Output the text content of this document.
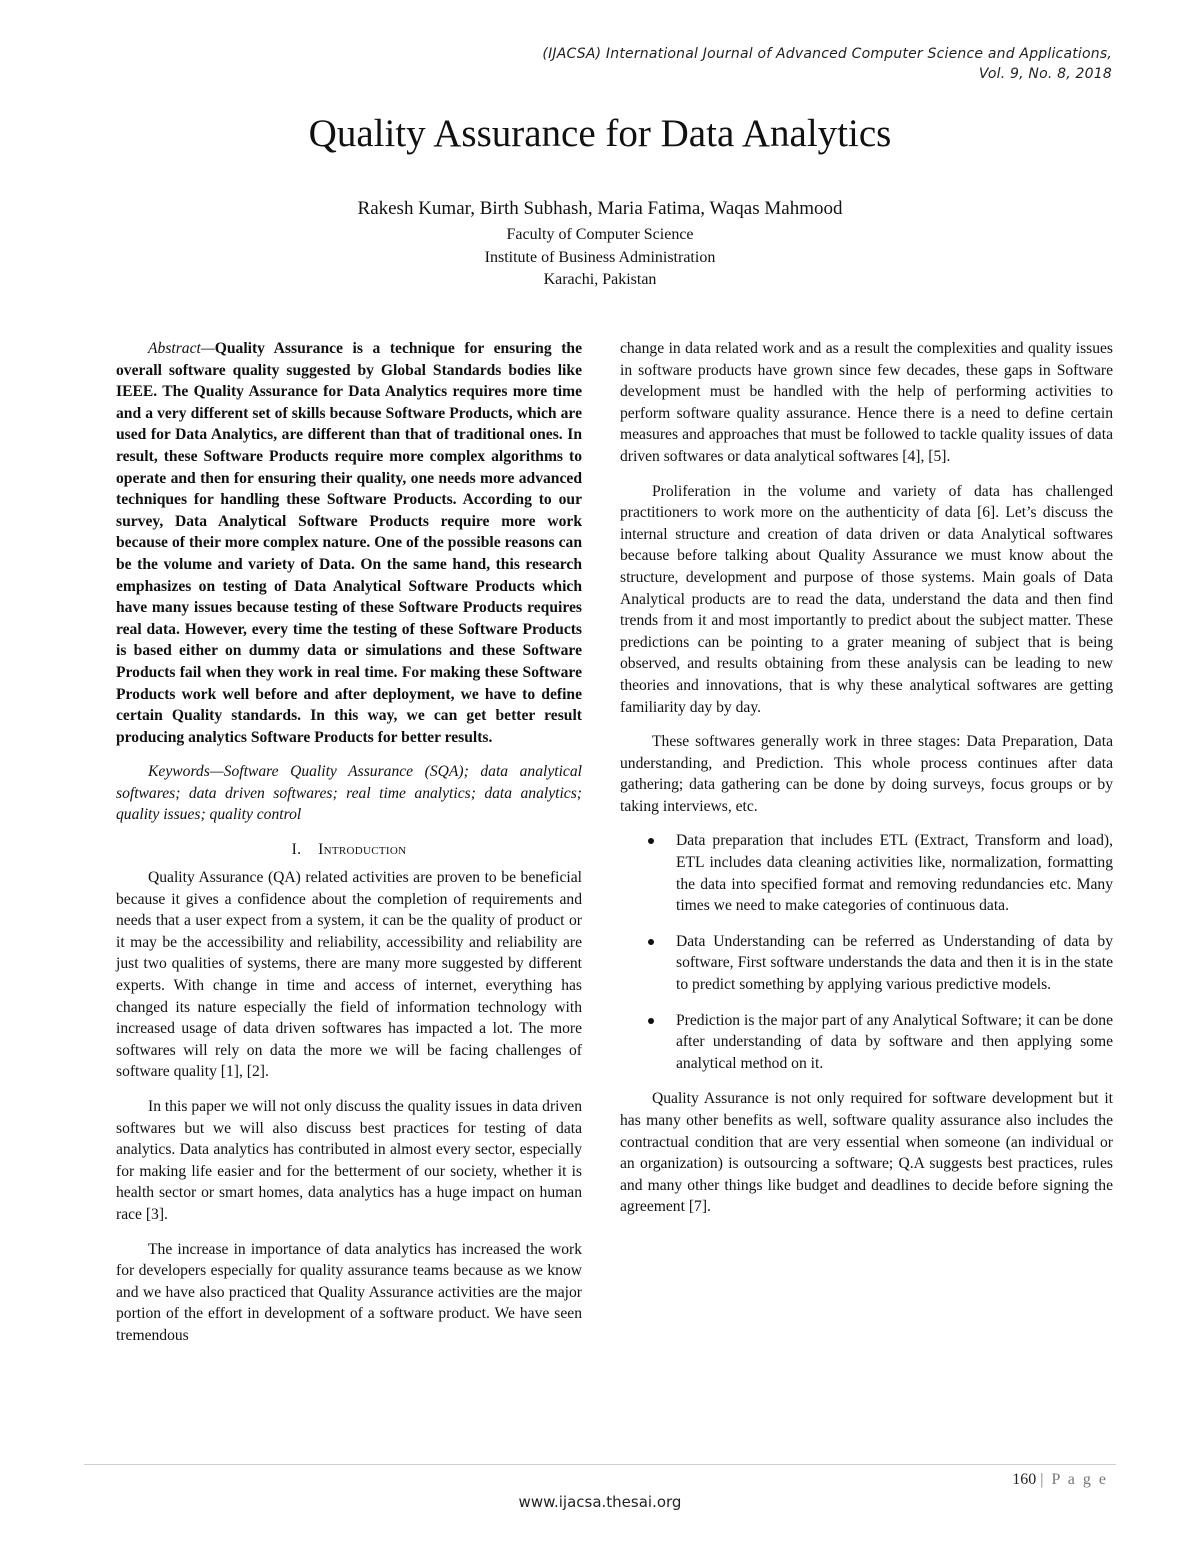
(IJACSA) International Journal of Advanced Computer Science and Applications,
Vol. 9, No. 8, 2018
Quality Assurance for Data Analytics
Rakesh Kumar, Birth Subhash, Maria Fatima, Waqas Mahmood
Faculty of Computer Science
Institute of Business Administration
Karachi, Pakistan

Abstract—Quality Assurance is a technique for ensuring the overall software quality suggested by Global Standards bodies like IEEE. The Quality Assurance for Data Analytics requires more time and a very different set of skills because Software Products, which are used for Data Analytics, are different than that of traditional ones. In result, these Software Products require more complex algorithms to operate and then for ensuring their quality, one needs more advanced techniques for handling these Software Products. According to our survey, Data Analytical Software Products require more work because of their more complex nature. One of the possible reasons can be the volume and variety of Data. On the same hand, this research emphasizes on testing of Data Analytical Software Products which have many issues because testing of these Software Products requires real data. However, every time the testing of these Software Products is based either on dummy data or simulations and these Software Products fail when they work in real time. For making these Software Products work well before and after deployment, we have to define certain Quality standards. In this way, we can get better result producing analytics Software Products for better results.

Keywords—Software Quality Assurance (SQA); data analytical softwares; data driven softwares; real time analytics; data analytics; quality issues; quality control

I. Introduction

Quality Assurance (QA) related activities are proven to be beneficial because it gives a confidence about the completion of requirements and needs that a user expect from a system, it can be the quality of product or it may be the accessibility and reliability, accessibility and reliability are just two qualities of systems, there are many more suggested by different experts. With change in time and access of internet, everything has changed its nature especially the field of information technology with increased usage of data driven softwares has impacted a lot. The more softwares will rely on data the more we will be facing challenges of software quality [1], [2].

In this paper we will not only discuss the quality issues in data driven softwares but we will also discuss best practices for testing of data analytics. Data analytics has contributed in almost every sector, especially for making life easier and for the betterment of our society, whether it is health sector or smart homes, data analytics has a huge impact on human race [3].

The increase in importance of data analytics has increased the work for developers especially for quality assurance teams because as we know and we have also practiced that Quality Assurance activities are the major portion of the effort in development of a software product. We have seen tremendous

change in data related work and as a result the complexities and quality issues in software products have grown since few decades, these gaps in Software development must be handled with the help of performing activities to perform software quality assurance. Hence there is a need to define certain measures and approaches that must be followed to tackle quality issues of data driven softwares or data analytical softwares [4], [5].

Proliferation in the volume and variety of data has challenged practitioners to work more on the authenticity of data [6]. Let’s discuss the internal structure and creation of data driven or data Analytical softwares because before talking about Quality Assurance we must know about the structure, development and purpose of those systems. Main goals of Data Analytical products are to read the data, understand the data and then find trends from it and most importantly to predict about the subject matter. These predictions can be pointing to a grater meaning of subject that is being observed, and results obtaining from these analysis can be leading to new theories and innovations, that is why these analytical softwares are getting familiarity day by day.

These softwares generally work in three stages: Data Preparation, Data understanding, and Prediction. This whole process continues after data gathering; data gathering can be done by doing surveys, focus groups or by taking interviews, etc.

Data preparation that includes ETL (Extract, Transform and load), ETL includes data cleaning activities like, normalization, formatting the data into specified format and removing redundancies etc. Many times we need to make categories of continuous data.
Data Understanding can be referred as Understanding of data by software, First software understands the data and then it is in the state to predict something by applying various predictive models.
Prediction is the major part of any Analytical Software; it can be done after understanding of data by software and then applying some analytical method on it.

Quality Assurance is not only required for software development but it has many other benefits as well, software quality assurance also includes the contractual condition that are very essential when someone (an individual or an organization) is outsourcing a software; Q.A suggests best practices, rules and many other things like budget and deadlines to decide before signing the agreement [7].

160 | P a g e
www.ijacsa.thesai.org
